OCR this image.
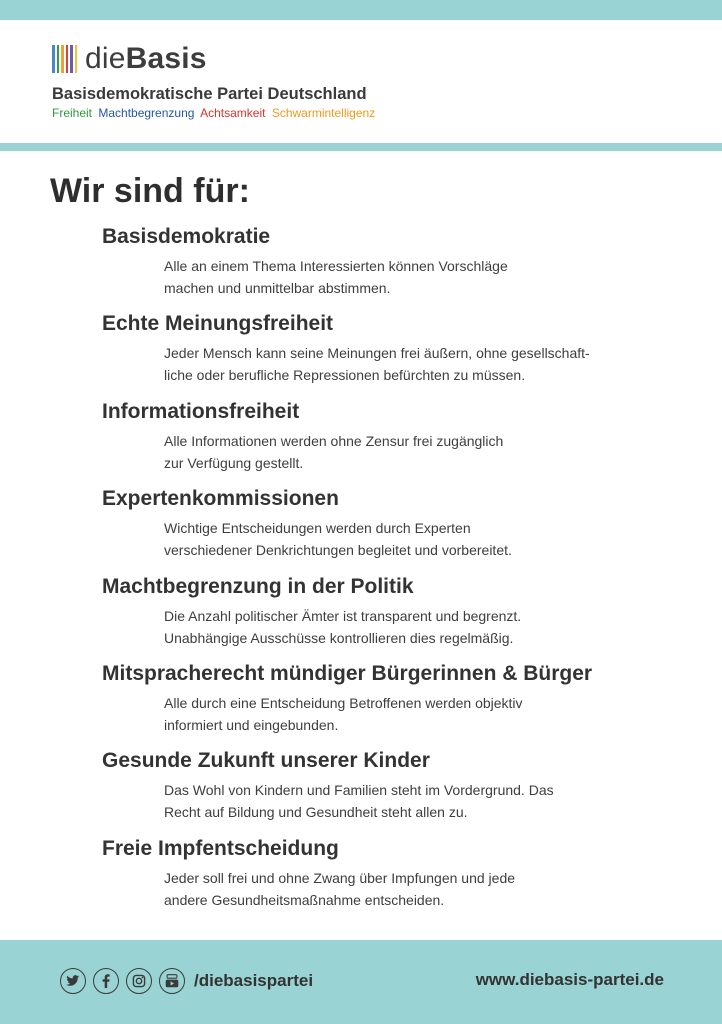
dieBasis
Basisdemokratische Partei Deutschland
Freiheit Machtbegrenzung Achtsamkeit Schwarmintelligenz
Wir sind für:
Basisdemokratie
Alle an einem Thema Interessierten können Vorschläge
machen und unmittelbar abstimmen.
Echte Meinungsfreiheit
Jeder Mensch kann seine Meinungen frei äußern, ohne gesellschaft-
liche oder berufliche Repressionen befürchten zu müssen.
Informationsfreiheit
Alle Informationen werden ohne Zensur frei zugänglich
zur Verfügung gestellt.
Expertenkommissionen
Wichtige Entscheidungen werden durch Experten
verschiedener Denkrichtungen begleitet und vorbereitet.
Machtbegrenzung in der Politik
Die Anzahl politischer Ämter ist transparent und begrenzt.
Unabhängige Ausschüsse kontrollieren dies regelmäßig.
Mitspracherecht mündiger Bürgerinnen & Bürger
Alle durch eine Entscheidung Betroffenen werden objektiv
informiert und eingebunden.
Gesunde Zukunft unserer Kinder
Das Wohl von Kindern und Familien steht im Vordergrund. Das
Recht auf Bildung und Gesundheit steht allen zu.
Freie Impfentscheidung
Jeder soll frei und ohne Zwang über Impfungen und jede
andere Gesundheitsmaßnahme entscheiden.
/diebasispartei	www.diebasis-partei.de
